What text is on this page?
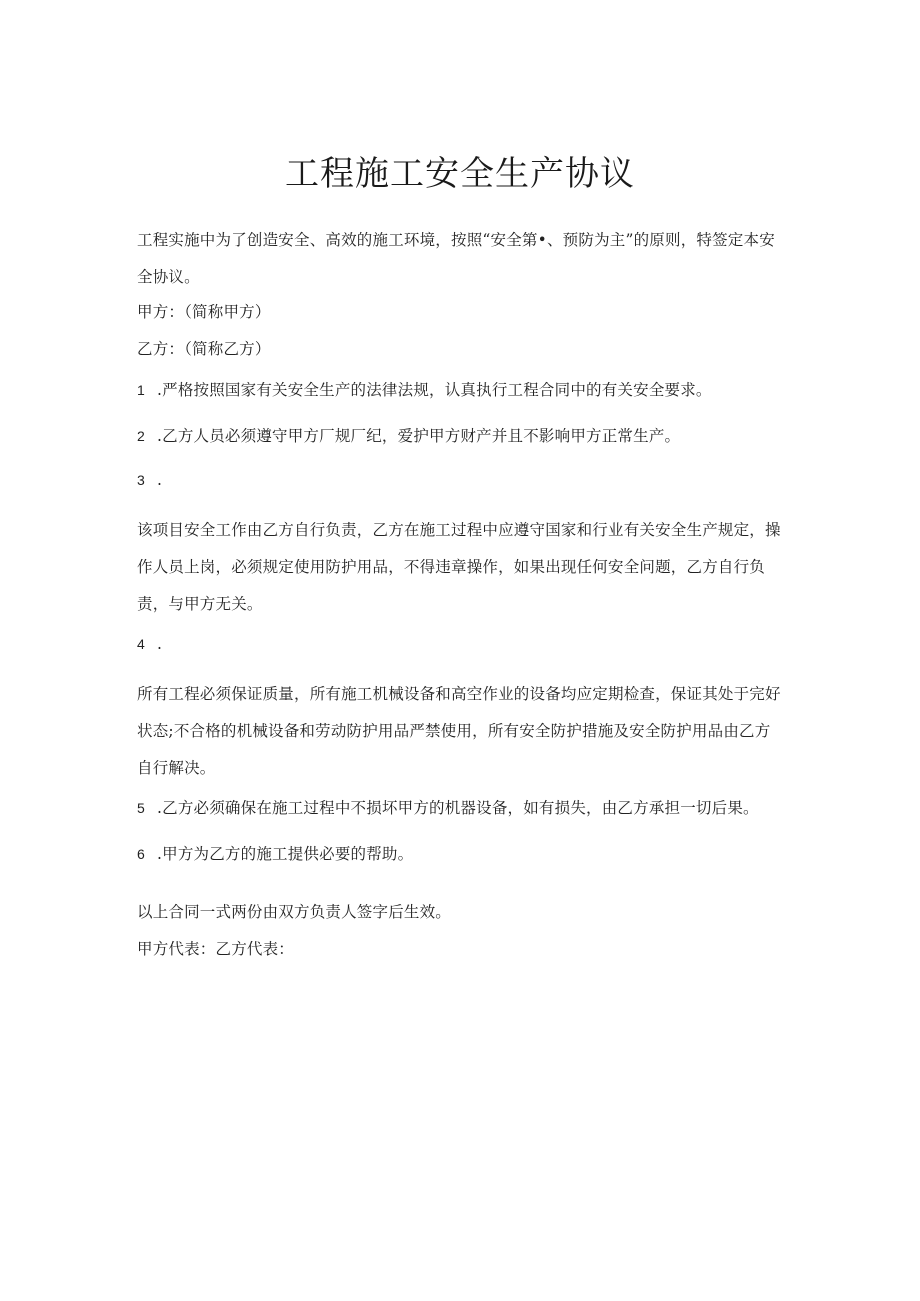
工程施工安全生产协议
工程实施中为了创造安全、高效的施工环境，按照“安全第•、预防为主”的原则，特签定本安全协议。
甲方：（简称甲方）
乙方：（简称乙方）
1 .严格按照国家有关安全生产的法律法规，认真执行工程合同中的有关安全要求。
2 .乙方人员必须遵守甲方厂规厂纪，爱护甲方财产并且不影响甲方正常生产。
3 .
该项目安全工作由乙方自行负责，乙方在施工过程中应遵守国家和行业有关安全生产规定，操作人员上岗，必须规定使用防护用品，不得违章操作，如果出现任何安全问题，乙方自行负责，与甲方无关。
4 .
所有工程必须保证质量，所有施工机械设备和高空作业的设备均应定期检查，保证其处于完好状态;不合格的机械设备和劳动防护用品严禁使用，所有安全防护措施及安全防护用品由乙方自行解决。
5 .乙方必须确保在施工过程中不损坏甲方的机器设备，如有损失，由乙方承担一切后果。
6 .甲方为乙方的施工提供必要的帮助。
以上合同一式两份由双方负责人签字后生效。
甲方代表：乙方代表：
